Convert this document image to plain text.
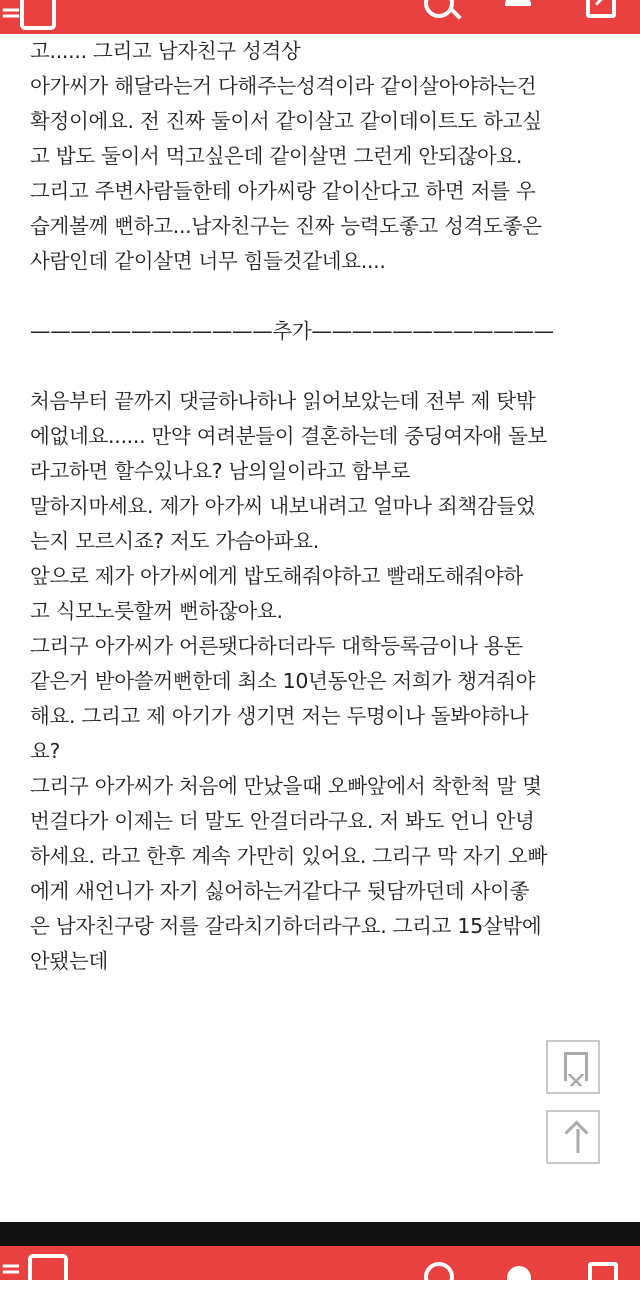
=

고...... 그리고 남자친구 성격상

아가씨가 해달라는거 다해주는성격이라 같이살아야하는건

확정이에요. 전 진짜 둘이서 같이살고 같이데이트도 하고싶

고 밥도 둘이서 먹고싶은데 같이살면 그런게 안되잖아요.

그리고 주변사람들한테 아가씨랑 같이산다고 하면 저를 우

습게볼께 뻔하고...남자친구는 진짜 능력도좋고 성격도좋은

사람인데 같이살면 너무 힘들것같네요....

————————————추가————————————

처음부터 끝까지 댓글하나하나 읽어보았는데 전부 제 탓밖

에없네요...... 만약 여려분들이 결혼하는데 중딩여자애 돌보

라고하면 할수있나요? 남의일이라고 함부로

말하지마세요. 제가 아가씨 내보내려고 얼마나 죄책감들었

는지 모르시죠? 저도 가슴아파요.

앞으로 제가 아가씨에게 밥도해줘야하고 빨래도해줘야하

고 식모노릇할꺼 뻔하잖아요.

그리구 아가씨가 어른됏다하더라두 대학등록금이나 용돈

같은거 받아쓸꺼뻔한데 최소 10년동안은 저희가 챙겨줘야

해요. 그리고 제 아기가 생기면 저는 두명이나 돌봐야하나

요?

그리구 아가씨가 처음에 만났을때 오빠앞에서 착한척 말 몇

번걸다가 이제는 더 말도 안걸더라구요. 저 봐도 언니 안녕

하세요. 라고 한후 계속 가만히 있어요. 그리구 막 자기 오빠

에게 새언니가 자기 싫어하는거같다구 뒷담까던데 사이좋

은 남자친구랑 저를 갈라치기하더라구요. 그리고 15살밖에

안됐는데

=
